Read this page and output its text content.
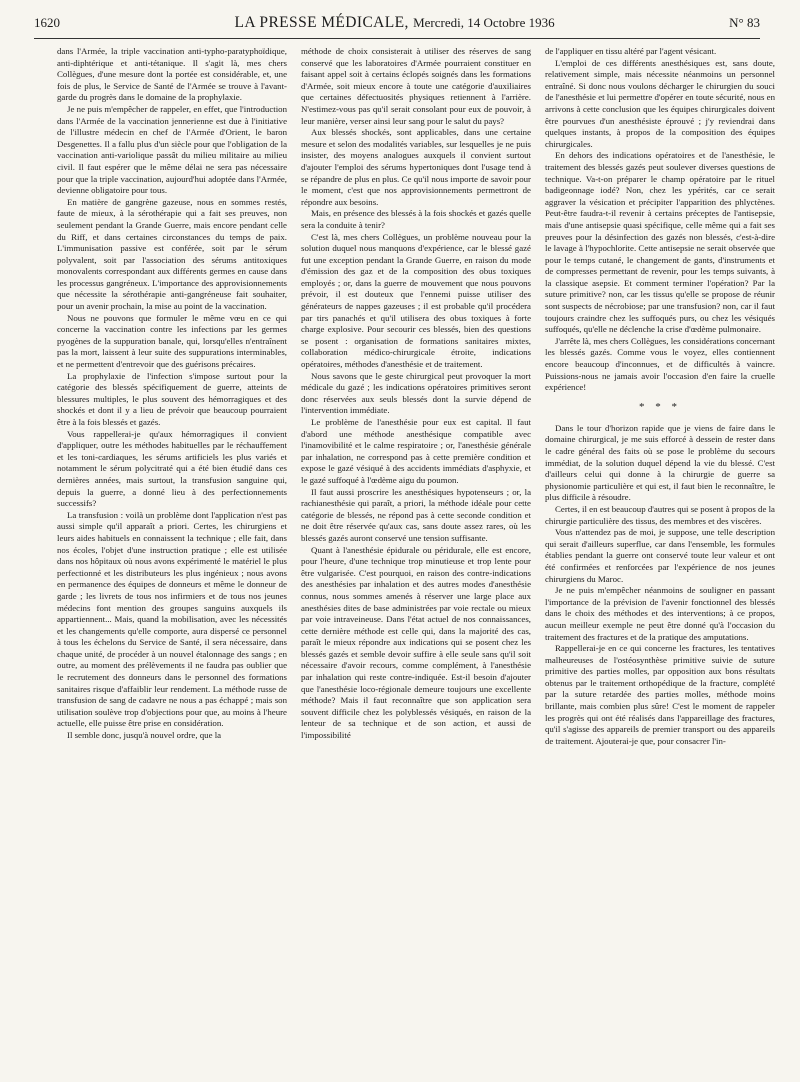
1620	LA PRESSE MÉDICALE, Mercredi, 14 Octobre 1936	N° 83

dans l'Armée, la triple vaccination anti-typho-paratyphoïdique, anti-diphtérique et anti-tétanique. Il s'agit là, mes chers Collègues, d'une mesure dont la portée est considérable, et, une fois de plus, le Service de Santé de l'Armée se trouve à l'avant-garde du progrès dans le domaine de la prophylaxie.

Je ne puis m'empêcher de rappeler, en effet, que l'introduction dans l'Armée de la vaccination jennerienne est due à l'initiative de l'illustre médecin en chef de l'Armée d'Orient, le baron Desgenettes. Il a fallu plus d'un siècle pour que l'obligation de la vaccination anti-variolique passât du milieu militaire au milieu civil. Il faut espérer que le même délai ne sera pas nécessaire pour que la triple vaccination, aujourd'hui adoptée dans l'Armée, devienne obligatoire pour tous.

En matière de gangrène gazeuse, nous en sommes restés, faute de mieux, à la sérothérapie qui a fait ses preuves, non seulement pendant la Grande Guerre, mais encore pendant celle du Riff, et dans certaines circonstances du temps de paix. L'immunisation passive est conférée, soit par le sérum polyvalent, soit par l'association des sérums antitoxiques monovalents correspondant aux différents germes en cause dans les processus gangréneux. L'importance des approvisionnements que nécessite la sérothérapie anti-gangréneuse fait souhaiter, pour un avenir prochain, la mise au point de la vaccination.

Nous ne pouvons que formuler le même vœu en ce qui concerne la vaccination contre les infections par les germes pyogènes de la suppuration banale, qui, lorsqu'elles n'entraînent pas la mort, laissent à leur suite des suppurations interminables, et ne permettent d'entrevoir que des guérisons précaires.

La prophylaxie de l'infection s'impose surtout pour la catégorie des blessés spécifiquement de guerre, atteints de blessures multiples, le plus souvent des hémorragiques et des shockés et dont il y a lieu de prévoir que beaucoup pourraient être à la fois blessés et gazés.

Vous rappellerai-je qu'aux hémorragiques il convient d'appliquer, outre les méthodes habituelles par le réchauffement et les toni-cardiaques, les sérums artificiels les plus variés et notamment le sérum polycitraté qui a été bien étudié dans ces dernières années, mais surtout, la transfusion sanguine qui, depuis la guerre, a donné lieu à des perfectionnements successifs?

La transfusion : voilà un problème dont l'application n'est pas aussi simple qu'il apparaît a priori. Certes, les chirurgiens et leurs aides habituels en connaissent la technique ; elle fait, dans nos écoles, l'objet d'une instruction pratique ; elle est utilisée dans nos hôpitaux où nous avons expérimenté le matériel le plus perfectionné et les distributeurs les plus ingénieux ; nous avons en permanence des équipes de donneurs et même le donneur de garde ; les livrets de tous nos infirmiers et de tous nos jeunes médecins font mention des groupes sanguins auxquels ils appartiennent... Mais, quand la mobilisation, avec les nécessités et les changements qu'elle comporte, aura dispersé ce personnel à tous les échelons du Service de Santé, il sera nécessaire, dans chaque unité, de procéder à un nouvel étalonnage des sangs ; en outre, au moment des prélèvements il ne faudra pas oublier que le recrutement des donneurs dans le personnel des formations sanitaires risque d'affaiblir leur rendement. La méthode russe de transfusion de sang de cadavre ne nous a pas échappé ; mais son utilisation soulève trop d'objections pour que, au moins à l'heure actuelle, elle puisse être prise en considération.

Il semble donc, jusqu'à nouvel ordre, que la

méthode de choix consisterait à utiliser des réserves de sang conservé que les laboratoires d'Armée pourraient constituer en faisant appel soit à certains éclopés soignés dans les formations d'Armée, soit mieux encore à toute une catégorie d'auxiliaires que certaines défectuosités physiques retiennent à l'arrière. N'estimez-vous pas qu'il serait consolant pour eux de pouvoir, à leur manière, verser ainsi leur sang pour le salut du pays?

Aux blessés shockés, sont applicables, dans une certaine mesure et selon des modalités variables, sur lesquelles je ne puis insister, des moyens analogues auxquels il convient surtout d'ajouter l'emploi des sérums hypertoniques dont l'usage tend à se répandre de plus en plus. Ce qu'il nous importe de savoir pour le moment, c'est que nos approvisionnements permettront de répondre aux besoins.

Mais, en présence des blessés à la fois shockés et gazés quelle sera la conduite à tenir?

C'est là, mes chers Collègues, un problème nouveau pour la solution duquel nous manquons d'expérience, car le blessé gazé fut une exception pendant la Grande Guerre, en raison du mode d'émission des gaz et de la composition des obus toxiques employés ; or, dans la guerre de mouvement que nous pouvons prévoir, il est douteux que l'ennemi puisse utiliser des générateurs de nappes gazeuses ; il est probable qu'il procédera par tirs panachés et qu'il utilisera des obus toxiques à forte charge explosive. Pour secourir ces blessés, bien des questions se posent : organisation de formations sanitaires mixtes, collaboration médico-chirurgicale étroite, indications opératoires, méthodes d'anesthésie et de traitement.

Nous savons que le geste chirurgical peut provoquer la mort médicale du gazé ; les indications opératoires primitives seront donc réservées aux seuls blessés dont la survie dépend de l'intervention immédiate.

Le problème de l'anesthésie pour eux est capital. Il faut d'abord une méthode anesthésique compatible avec l'inamovibilité et le calme respiratoire ; or, l'anesthésie générale par inhalation, ne correspond pas à cette première condition et expose le gazé vésiqué à des accidents immédiats d'asphyxie, et le gazé suffoqué à l'œdème aigu du poumon.

Il faut aussi proscrire les anesthésiques hypotenseurs ; or, la rachianesthésie qui paraît, a priori, la méthode idéale pour cette catégorie de blessés, ne répond pas à cette seconde condition et ne doit être réservée qu'aux cas, sans doute assez rares, où les blessés gazés auront conservé une tension suffisante.

Quant à l'anesthésie épidurale ou péridurale, elle est encore, pour l'heure, d'une technique trop minutieuse et trop lente pour être vulgarisée. C'est pourquoi, en raison des contre-indications des anesthésies par inhalation et des autres modes d'anesthésie connus, nous sommes amenés à réserver une large place aux anesthésies dites de base administrées par voie rectale ou mieux par voie intraveineuse. Dans l'état actuel de nos connaissances, cette dernière méthode est celle qui, dans la majorité des cas, paraît le mieux répondre aux indications qui se posent chez les blessés gazés et semble devoir suffire à elle seule sans qu'il soit nécessaire d'avoir recours, comme complément, à l'anesthésie par inhalation qui reste contre-indiquée. Est-il besoin d'ajouter que l'anesthésie loco-régionale demeure toujours une excellente méthode? Mais il faut reconnaître que son application sera souvent difficile chez les polyblessés vésiqués, en raison de la lenteur de sa technique et de son action, et aussi de l'impossibilité

de l'appliquer en tissu altéré par l'agent vésicant.

L'emploi de ces différents anesthésiques est, sans doute, relativement simple, mais nécessite néanmoins un personnel entraîné. Si donc nous voulons décharger le chirurgien du souci de l'anesthésie et lui permettre d'opérer en toute sécurité, nous en arrivons à cette conclusion que les équipes chirurgicales doivent être pourvues d'un anesthésiste éprouvé ; j'y reviendrai dans quelques instants, à propos de la composition des équipes chirurgicales.

En dehors des indications opératoires et de l'anesthésie, le traitement des blessés gazés peut soulever diverses questions de technique. Va-t-on préparer le champ opératoire par le rituel badigeonnage iodé? Non, chez les ypérités, car ce serait aggraver la vésication et précipiter l'apparition des phlyctènes. Peut-être faudra-t-il revenir à certains préceptes de l'antisepsie, mais d'une antisepsie quasi spécifique, celle même qui a fait ses preuves pour la désinfection des gazés non blessés, c'est-à-dire le lavage à l'hypochlorite. Cette antisepsie ne serait observée que pour le temps cutané, le changement de gants, d'instruments et de compresses permettant de revenir, pour les temps suivants, à la classique asepsie. Et comment terminer l'opération? Par la suture primitive? non, car les tissus qu'elle se propose de réunir sont suspects de nécrobiose; par une transfusion? non, car il faut toujours craindre chez les suffoqués purs, ou chez les vésiqués suffoqués, qu'elle ne déclenche la crise d'œdème pulmonaire.

J'arrête là, mes chers Collègues, les considérations concernant les blessés gazés. Comme vous le voyez, elles contiennent encore beaucoup d'inconnues, et de difficultés à vaincre. Puissions-nous ne jamais avoir l'occasion d'en faire la cruelle expérience!

* * *

Dans le tour d'horizon rapide que je viens de faire dans le domaine chirurgical, je me suis efforcé à dessein de rester dans le cadre général des faits où se pose le problème du secours immédiat, de la solution duquel dépend la vie du blessé. C'est d'ailleurs celui qui donne à la chirurgie de guerre sa physionomie particulière et qui est, il faut bien le reconnaître, le plus difficile à résoudre.

Certes, il en est beaucoup d'autres qui se posent à propos de la chirurgie particulière des tissus, des membres et des viscères.

Vous n'attendez pas de moi, je suppose, une telle description qui serait d'ailleurs superflue, car dans l'ensemble, les formules établies pendant la guerre ont conservé toute leur valeur et ont été confirmées et renforcées par l'expérience de nos jeunes chirurgiens du Maroc.

Je ne puis m'empêcher néanmoins de souligner en passant l'importance de la prévision de l'avenir fonctionnel des blessés dans le choix des méthodes et des interventions; à ce propos, aucun meilleur exemple ne peut être donné qu'à l'occasion du traitement des fractures et de la pratique des amputations.

Rappellerai-je en ce qui concerne les fractures, les tentatives malheureuses de l'ostéosynthèse primitive suivie de suture primitive des parties molles, par opposition aux bons résultats obtenus par le traitement orthopédique de la fracture, complété par la suture retardée des parties molles, méthode moins brillante, mais combien plus sûre! C'est le moment de rappeler les progrès qui ont été réalisés dans l'appareillage des fractures, qu'il s'agisse des appareils de premier transport ou des appareils de traitement. Ajouterai-je que, pour consacrer l'in-
